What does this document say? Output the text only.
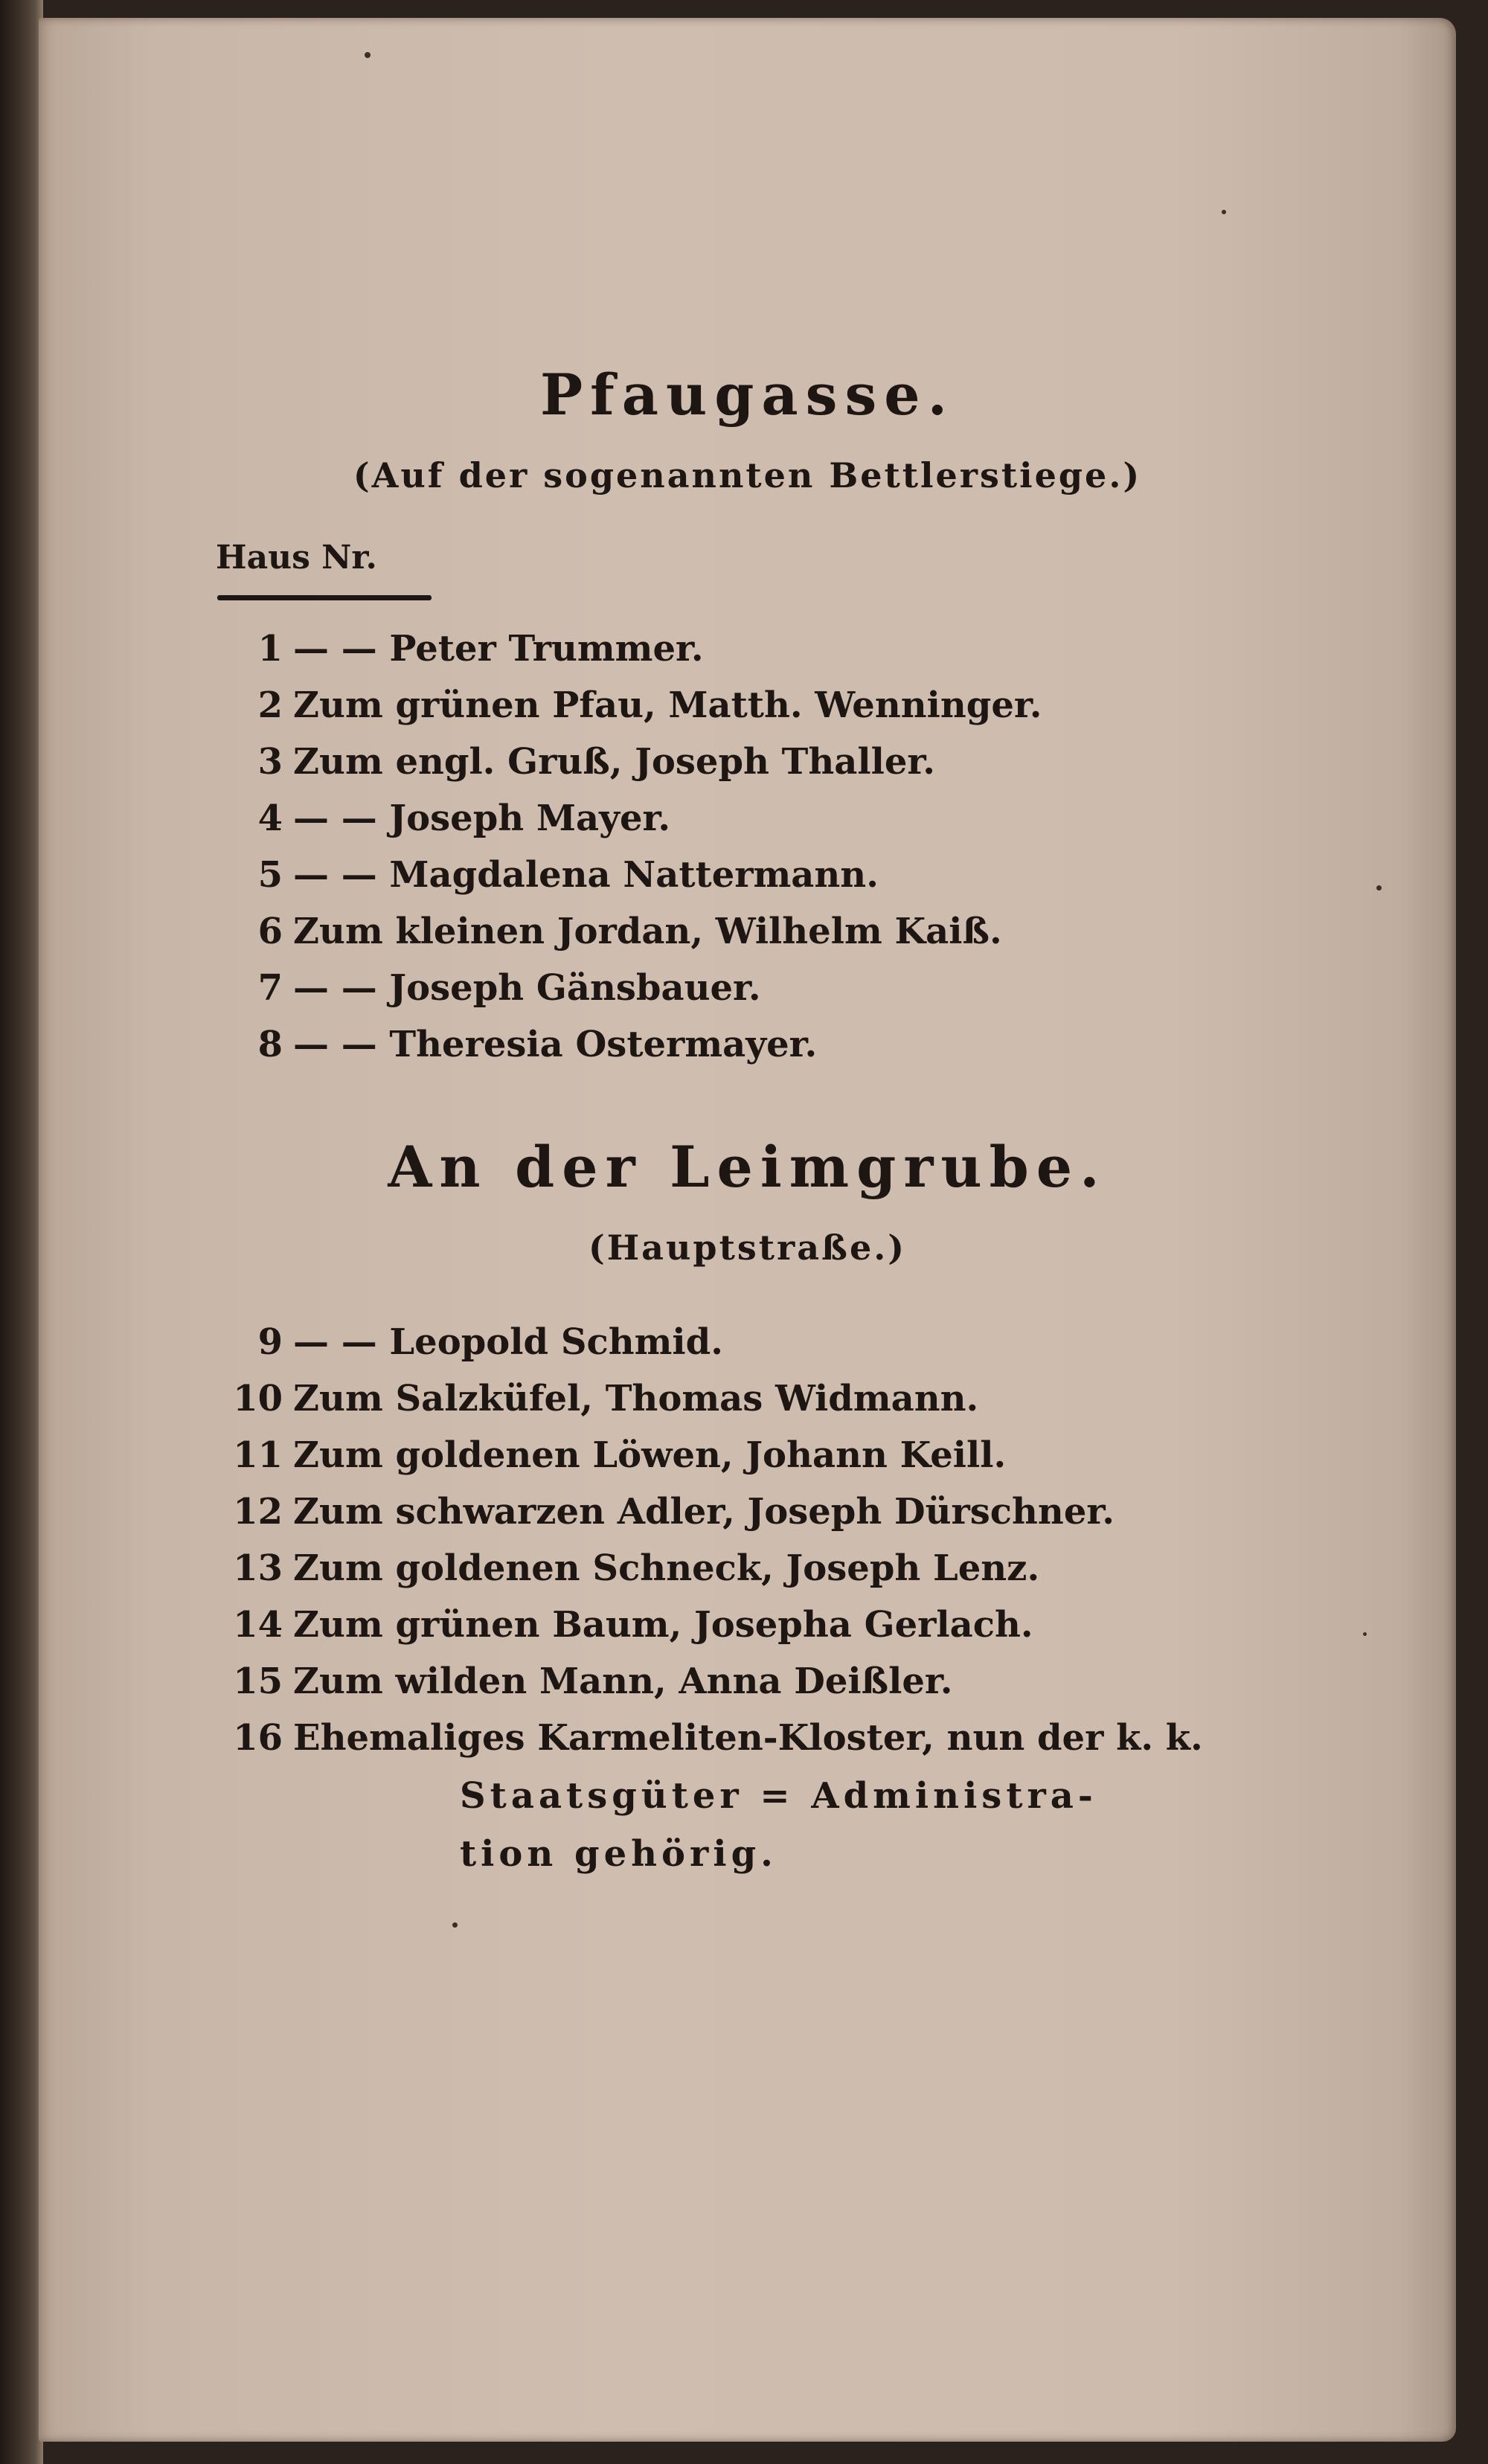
Pfaugasse.
(Auf der sogenannten Bettlerstiege.)
Haus Nr.
1 — — Peter Trummer.
2 Zum grünen Pfau, Matth. Wenninger.
3 Zum engl. Gruß, Joseph Thaller.
4 — — Joseph Mayer.
5 — — Magdalena Nattermann.
6 Zum kleinen Jordan, Wilhelm Kaiß.
7 — — Joseph Gänsbauer.
8 — — Theresia Ostermayer.
An der Leimgrube.
(Hauptstraße.)
9 — — Leopold Schmid.
10 Zum Salzküfel, Thomas Widmann.
11 Zum goldenen Löwen, Johann Keill.
12 Zum schwarzen Adler, Joseph Dürschner.
13 Zum goldenen Schneck, Joseph Lenz.
14 Zum grünen Baum, Josepha Gerlach.
15 Zum wilden Mann, Anna Deißler.
16 Ehemaliges Karmeliten-Kloster, nun der k. k.
Staatsgüter = Administra-
tion gehörig.
